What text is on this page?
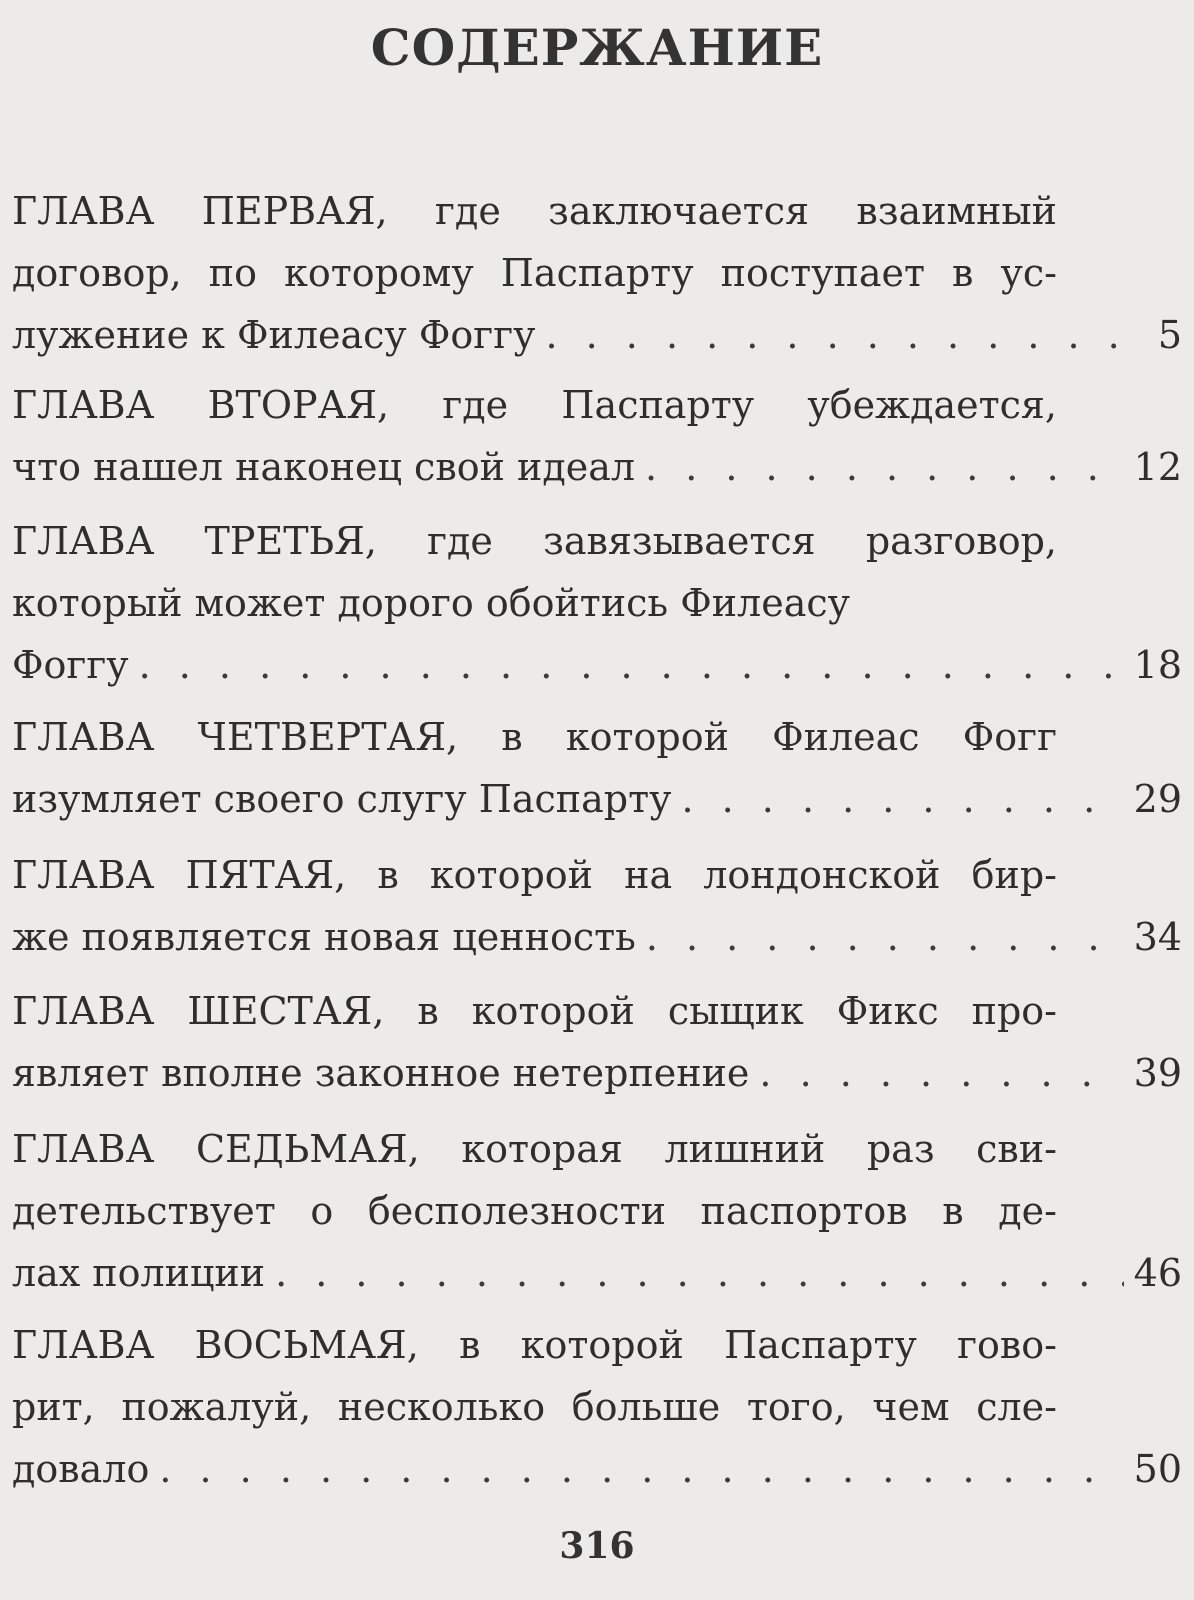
СОДЕРЖАНИЕ
ГЛАВА ПЕРВАЯ, где заключается взаимный
договор, по которому Паспарту поступает в ус-
лужение к Филеасу Фоггу . . .	5
ГЛАВА ВТОРАЯ, где Паспарту убеждается,
что нашел наконец свой идеал . . .	12
ГЛАВА ТРЕТЬЯ, где завязывается разговор,
который может дорого обойтись Филеасу
Фоггу . . .	18
ГЛАВА ЧЕТВЕРТАЯ, в которой Филеас Фогг
изумляет своего слугу Паспарту . . .	29
ГЛАВА ПЯТАЯ, в которой на лондонской бир-
же появляется новая ценность . . .	34
ГЛАВА ШЕСТАЯ, в которой сыщик Фикс про-
являет вполне законное нетерпение . . .	39
ГЛАВА СЕДЬМАЯ, которая лишний раз сви-
детельствует о бесполезности паспортов в де-
лах полиции . . .	46
ГЛАВА ВОСЬМАЯ, в которой Паспарту гово-
рит, пожалуй, несколько больше того, чем сле-
довало . . .	50
316
